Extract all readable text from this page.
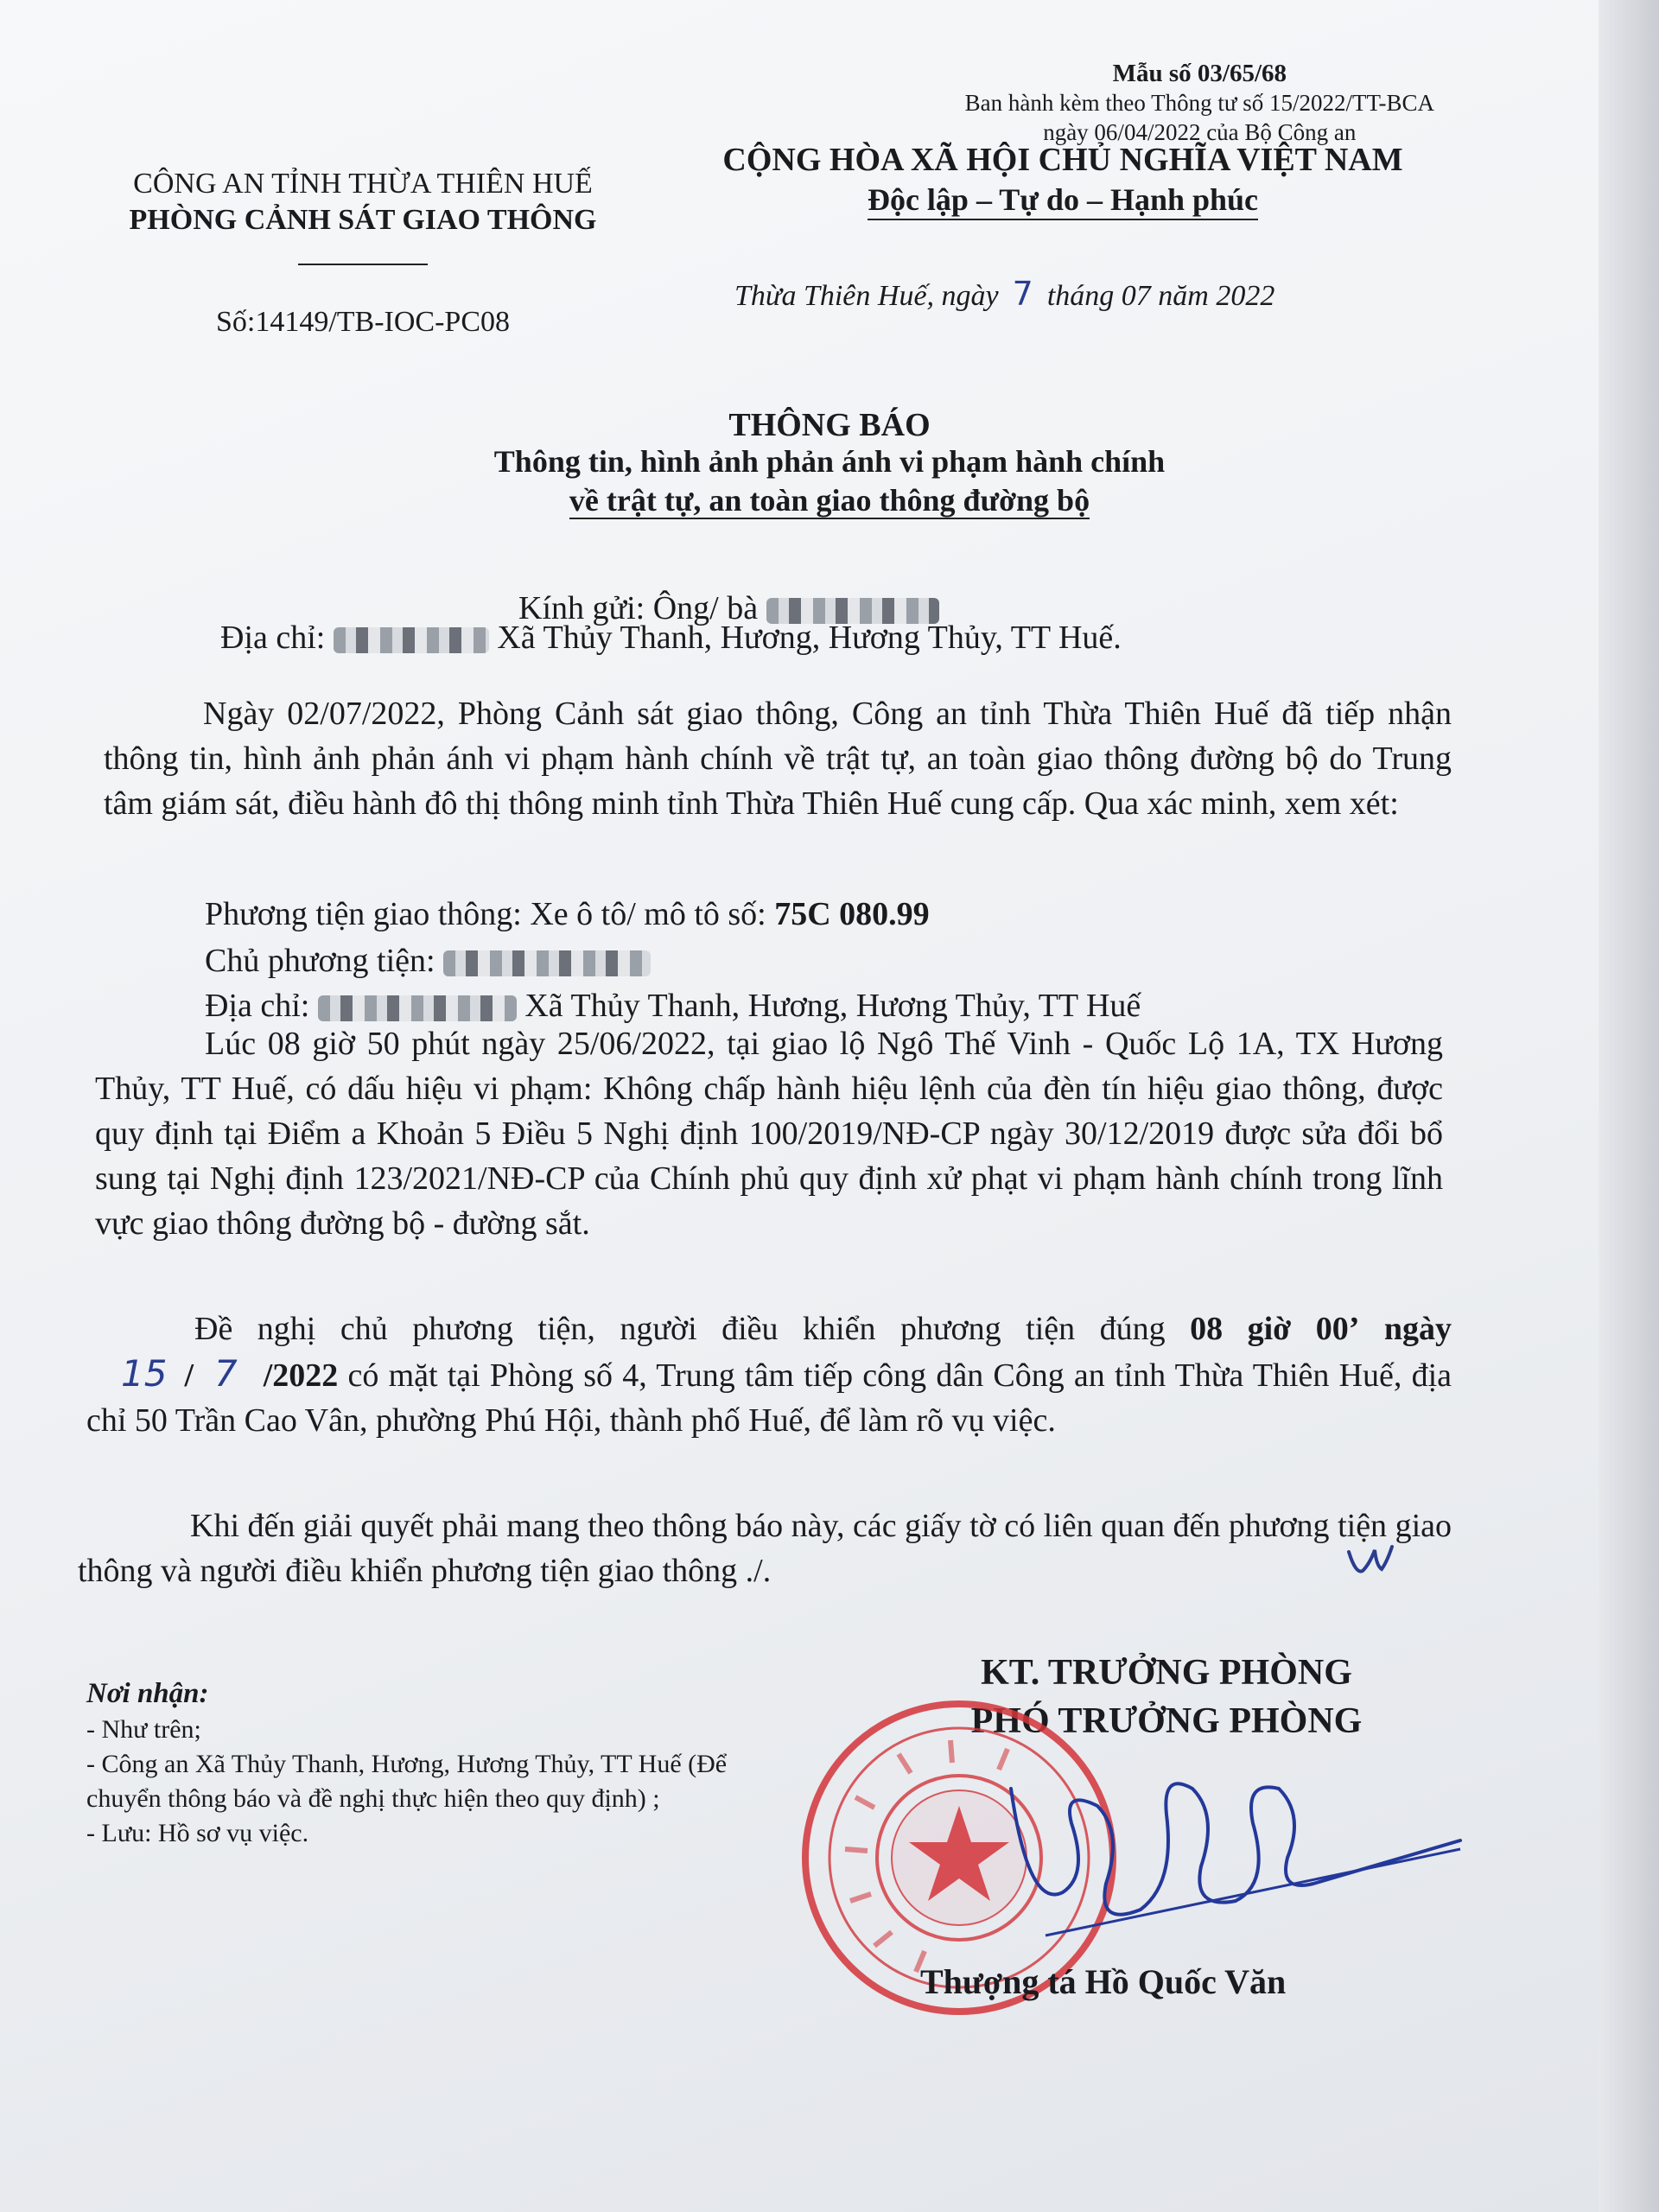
Mẫu số 03/65/68
Ban hành kèm theo Thông tư số 15/2022/TT-BCA
ngày 06/04/2022 của Bộ Công an
CÔNG AN TỈNH THỪA THIÊN HUẾ
PHÒNG CẢNH SÁT GIAO THÔNG
Số:14149/TB-IOC-PC08
CỘNG HÒA XÃ HỘI CHỦ NGHĨA VIỆT NAM
Độc lập – Tự do – Hạnh phúc
Thừa Thiên Huế, ngày 7 tháng 07 năm 2022
THÔNG BÁO
Thông tin, hình ảnh phản ánh vi phạm hành chính
về trật tự, an toàn giao thông đường bộ
Kính gửi: Ông/ bà
Địa chỉ:	Xã Thủy Thanh, Hương, Hương Thủy, TT Huế.
Ngày 02/07/2022, Phòng Cảnh sát giao thông, Công an tỉnh Thừa Thiên Huế đã tiếp nhận thông tin, hình ảnh phản ánh vi phạm hành chính về trật tự, an toàn giao thông đường bộ do Trung tâm giám sát, điều hành đô thị thông minh tỉnh Thừa Thiên Huế cung cấp. Qua xác minh, xem xét:
Phương tiện giao thông: Xe ô tô/ mô tô số: 75C 080.99
Chủ phương tiện:
Địa chỉ:	Xã Thủy Thanh, Hương, Hương Thủy, TT Huế
Lúc 08 giờ 50 phút ngày 25/06/2022, tại giao lộ Ngô Thế Vinh - Quốc Lộ 1A, TX Hương Thủy, TT Huế, có dấu hiệu vi phạm: Không chấp hành hiệu lệnh của đèn tín hiệu giao thông, được quy định tại Điểm a Khoản 5 Điều 5 Nghị định 100/2019/NĐ-CP ngày 30/12/2019 được sửa đổi bổ sung tại Nghị định 123/2021/NĐ-CP của Chính phủ quy định xử phạt vi phạm hành chính trong lĩnh vực giao thông đường bộ - đường sắt.
Đề nghị chủ phương tiện, người điều khiển phương tiện đúng 08 giờ 00’ ngày 15 / 7 /2022 có mặt tại Phòng số 4, Trung tâm tiếp công dân Công an tỉnh Thừa Thiên Huế, địa chỉ 50 Trần Cao Vân, phường Phú Hội, thành phố Huế, để làm rõ vụ việc.
Khi đến giải quyết phải mang theo thông báo này, các giấy tờ có liên quan đến phương tiện giao thông và người điều khiển phương tiện giao thông ./.
Nơi nhận:
- Như trên;
- Công an Xã Thủy Thanh, Hương, Hương Thủy, TT Huế (Để chuyển thông báo và đề nghị thực hiện theo quy định) ;
- Lưu: Hồ sơ vụ việc.
KT. TRƯỞNG PHÒNG
PHÓ TRƯỞNG PHÒNG
Thượng tá Hồ Quốc Văn
